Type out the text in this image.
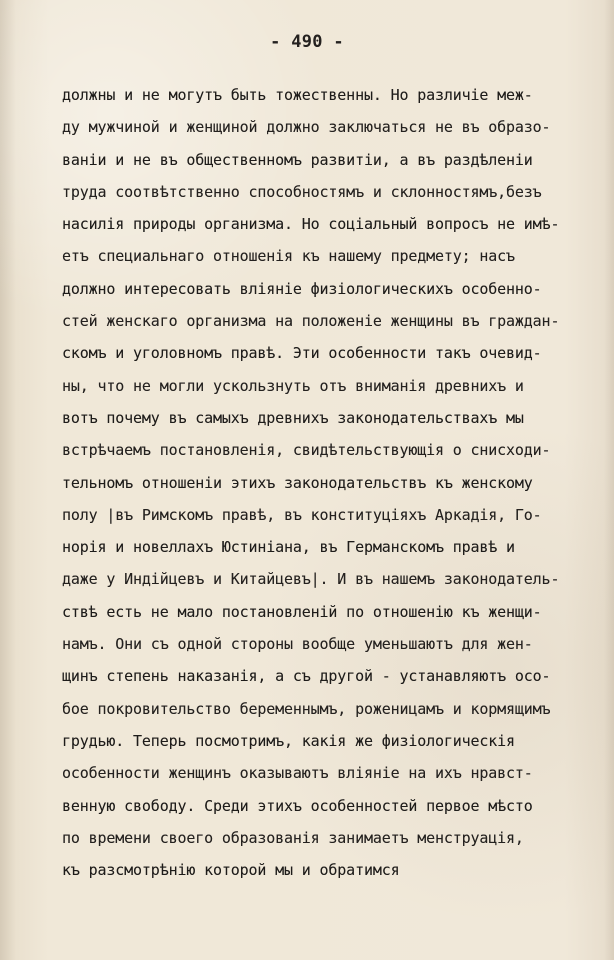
- 490 -
должны и не могутъ быть тожественны. Но различіе меж-
ду мужчиной и женщиной должно заключаться не въ образо-
ваніи и не въ общественномъ развитіи, а въ раздѣленіи
труда соотвѣтственно способностямъ и склонностямъ,безъ
насилія природы организма. Но соціальный вопросъ не имѣ-
етъ специальнаго отношенія къ нашему предмету; насъ
должно интересовать вліяніе физіологическихъ особенно-
стей женскаго организма на положеніе женщины въ граждан-
скомъ и уголовномъ правѣ. Эти особенности такъ очевид-
ны, что не могли ускользнуть отъ вниманія древнихъ и
вотъ почему въ самыхъ древнихъ законодательствахъ мы
встрѣчаемъ постановленія, свидѣтельствующія о снисходи-
тельномъ отношеніи этихъ законодательствъ къ женскому
полу |въ Римскомъ правѣ, въ конституціяхъ Аркадія, Го-
норія и новеллахъ Юстиніана, въ Германскомъ правѣ и
даже у Индійцевъ и Китайцевъ|. И въ нашемъ законодатель-
ствѣ есть не мало постановленій по отношенію къ женщи-
намъ. Они съ одной стороны вообще уменьшаютъ для жен-
щинъ степень наказанія, а съ другой - устанавляютъ осо-
бое покровительство беременнымъ, роженицамъ и кормящимъ
грудью. Теперь посмотримъ, какія же физіологическія
особенности женщинъ оказываютъ вліяніе на ихъ нравст-
венную свободу. Среди этихъ особенностей первое мѣсто
по времени своего образованія занимаетъ менструація,
къ разсмотрѣнію которой мы и обратимся
